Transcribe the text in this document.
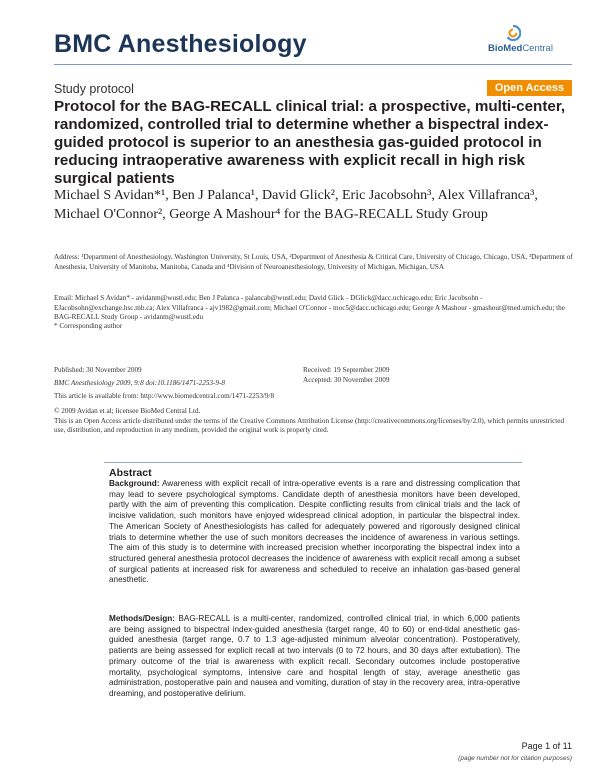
BMC Anesthesiology	BioMedCentral
Study protocol	Open Access
Protocol for the BAG-RECALL clinical trial: a prospective, multi-center, randomized, controlled trial to determine whether a bispectral index-guided protocol is superior to an anesthesia gas-guided protocol in reducing intraoperative awareness with explicit recall in high risk surgical patients
Michael S Avidan*¹, Ben J Palanca¹, David Glick², Eric Jacobsohn³, Alex Villafranca³, Michael O'Connor², George A Mashour⁴ for the BAG-RECALL Study Group
Address: ¹Department of Anesthesiology, Washington University, St Louis, USA, ²Department of Anesthesia & Critical Care, University of Chicago, Chicago, USA, ³Department of Anesthesia, University of Manitoba, Manitoba, Canada and ⁴Division of Neuroanesthesiology, University of Michigan, Michigan, USA
Email: Michael S Avidan* - avidanm@wustl.edu; Ben J Palanca - palancab@wustl.edu; David Glick - DGlick@dacc.uchicago.edu; Eric Jacobsohn - EJacobsohn@exchange.hsc.mb.ca; Alex Villafranca - ajv1982@gmail.com; Michael O'Connor - moc5@dacc.uchicago.edu; George A Mashour - gmashour@med.umich.edu; the BAG-RECALL Study Group - avidanm@wustl.edu
* Corresponding author
Published: 30 November 2009
BMC Anesthesiology 2009, 9:8 doi:10.1186/1471-2253-9-8
Received: 19 September 2009
Accepted: 30 November 2009
This article is available from: http://www.biomedcentral.com/1471-2253/9/8
© 2009 Avidan et al; licensee BioMed Central Ltd.
This is an Open Access article distributed under the terms of the Creative Commons Attribution License (http://creativecommons.org/licenses/by/2.0), which permits unrestricted use, distribution, and reproduction in any medium, provided the original work is properly cited.
Abstract

Background: Awareness with explicit recall of intra-operative events is a rare and distressing complication that may lead to severe psychological symptoms. Candidate depth of anesthesia monitors have been developed, partly with the aim of preventing this complication. Despite conflicting results from clinical trials and the lack of incisive validation, such monitors have enjoyed widespread clinical adoption, in particular the bispectral index. The American Society of Anesthesiologists has called for adequately powered and rigorously designed clinical trials to determine whether the use of such monitors decreases the incidence of awareness in various settings. The aim of this study is to determine with increased precision whether incorporating the bispectral index into a structured general anesthesia protocol decreases the incidence of awareness with explicit recall among a subset of surgical patients at increased risk for awareness and scheduled to receive an inhalation gas-based general anesthetic.

Methods/Design: BAG-RECALL is a multi-center, randomized, controlled clinical trial, in which 6,000 patients are being assigned to bispectral index-guided anesthesia (target range, 40 to 60) or end-tidal anesthetic gas-guided anesthesia (target range, 0.7 to 1.3 age-adjusted minimum alveolar concentration). Postoperatively, patients are being assessed for explicit recall at two intervals (0 to 72 hours, and 30 days after extubation). The primary outcome of the trial is awareness with explicit recall. Secondary outcomes include postoperative mortality, psychological symptoms, intensive care and hospital length of stay, average anesthetic gas administration, postoperative pain and nausea and vomiting, duration of stay in the recovery area, intra-operative dreaming, and postoperative delirium.

Page 1 of 11
(page number not for citation purposes)
